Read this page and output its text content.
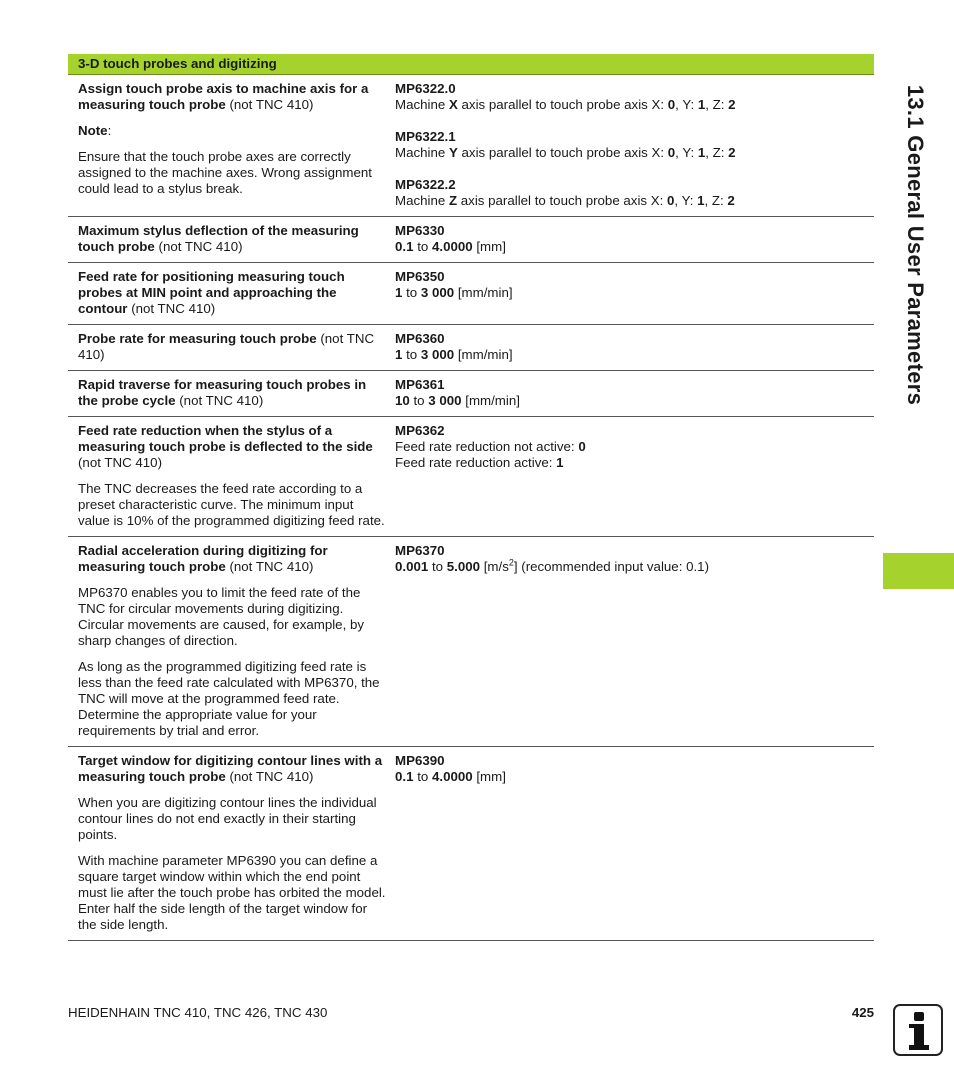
3-D touch probes and digitizing

Assign touch probe axis to machine axis for a measuring touch probe (not TNC 410)

Note:

Ensure that the touch probe axes are correctly assigned to the machine axes. Wrong assignment could lead to a stylus break.

MP6322.0
Machine X axis parallel to touch probe axis X: 0, Y: 1, Z: 2
MP6322.1
Machine Y axis parallel to touch probe axis X: 0, Y: 1, Z: 2
MP6322.2
Machine Z axis parallel to touch probe axis X: 0, Y: 1, Z: 2

Maximum stylus deflection of the measuring touch probe (not TNC 410)

MP6330
0.1 to 4.0000 [mm]

Feed rate for positioning measuring touch probes at MIN point and approaching the contour (not TNC 410)

MP6350
1 to 3 000 [mm/min]

Probe rate for measuring touch probe (not TNC 410)

MP6360
1 to 3 000 [mm/min]

Rapid traverse for measuring touch probes in the probe cycle (not TNC 410)

MP6361
10 to 3 000 [mm/min]

Feed rate reduction when the stylus of a measuring touch probe is deflected to the side (not TNC 410)

The TNC decreases the feed rate according to a preset characteristic curve. The minimum input value is 10% of the programmed digitizing feed rate.

MP6362
Feed rate reduction not active: 0
Feed rate reduction active: 1

Radial acceleration during digitizing for measuring touch probe (not TNC 410)

MP6370 enables you to limit the feed rate of the TNC for circular movements during digitizing. Circular movements are caused, for example, by sharp changes of direction.

As long as the programmed digitizing feed rate is less than the feed rate calculated with MP6370, the TNC will move at the programmed feed rate. Determine the appropriate value for your requirements by trial and error.

MP6370
0.001 to 5.000 $[m/s^2]$ (recommended input value: 0.1)

Target window for digitizing contour lines with a measuring touch probe (not TNC 410)

When you are digitizing contour lines the individual contour lines do not end exactly in their starting points.

With machine parameter MP6390 you can define a square target window within which the end point must lie after the touch probe has orbited the model. Enter half the side length of the target window for the side length.

MP6390
0.1 to 4.0000 [mm]
13.1 General User Parameters
HEIDENHAIN TNC 410, TNC 426, TNC 430	425
